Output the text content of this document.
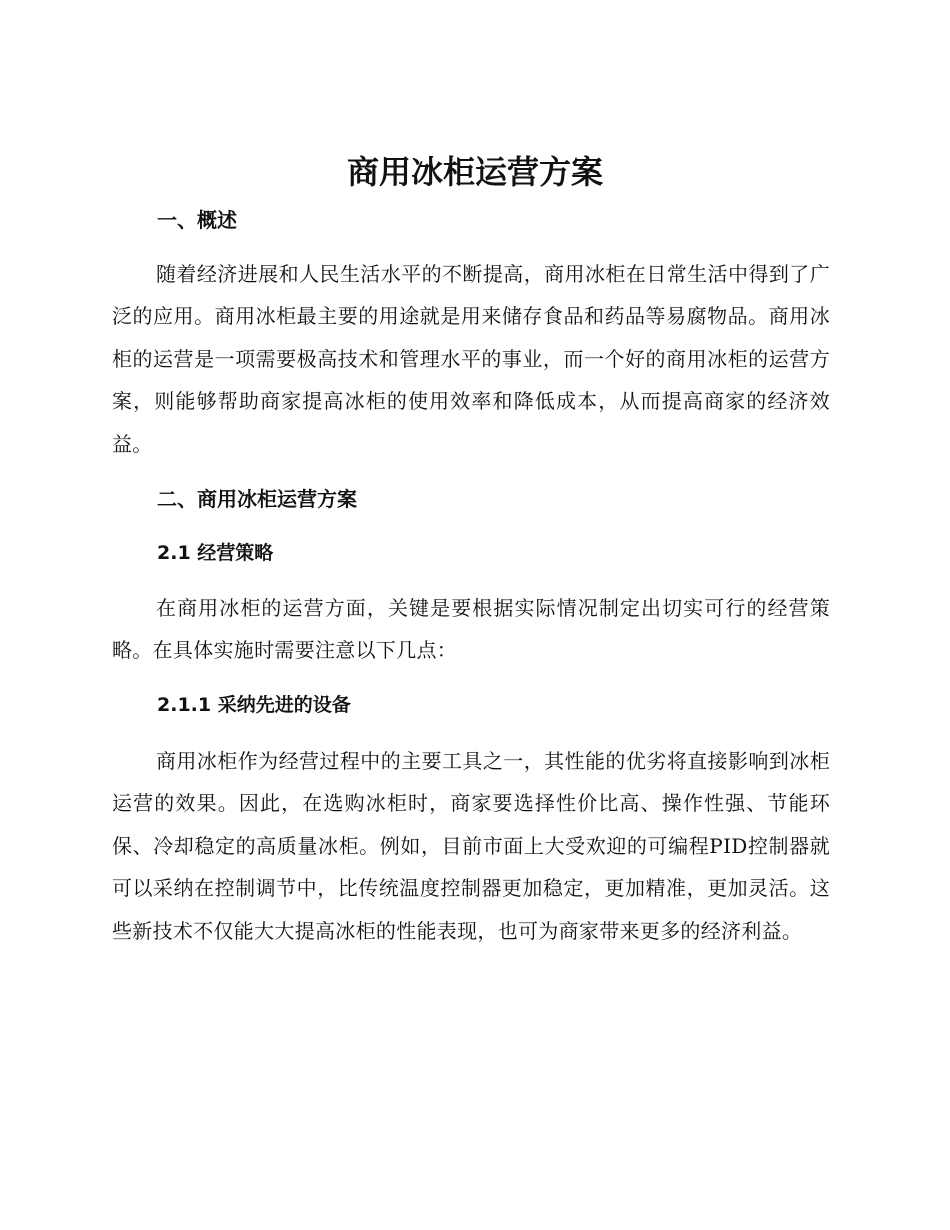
商用冰柜运营方案
一、概述

随着经济进展和人民生活水平的不断提高，商用冰柜在日常生活中得到了广泛的应用。商用冰柜最主要的用途就是用来储存食品和药品等易腐物品。商用冰柜的运营是一项需要极高技术和管理水平的事业，而一个好的商用冰柜的运营方案，则能够帮助商家提高冰柜的使用效率和降低成本，从而提高商家的经济效益。

二、商用冰柜运营方案
2.1 经营策略

在商用冰柜的运营方面，关键是要根据实际情况制定出切实可行的经营策略。在具体实施时需要注意以下几点：

2.1.1 采纳先进的设备

商用冰柜作为经营过程中的主要工具之一，其性能的优劣将直接影响到冰柜运营的效果。因此，在选购冰柜时，商家要选择性价比高、操作性强、节能环保、冷却稳定的高质量冰柜。例如，目前市面上大受欢迎的可编程PID控制器就可以采纳在控制调节中，比传统温度控制器更加稳定，更加精准，更加灵活。这些新技术不仅能大大提高冰柜的性能表现，也可为商家带来更多的经济利益。
